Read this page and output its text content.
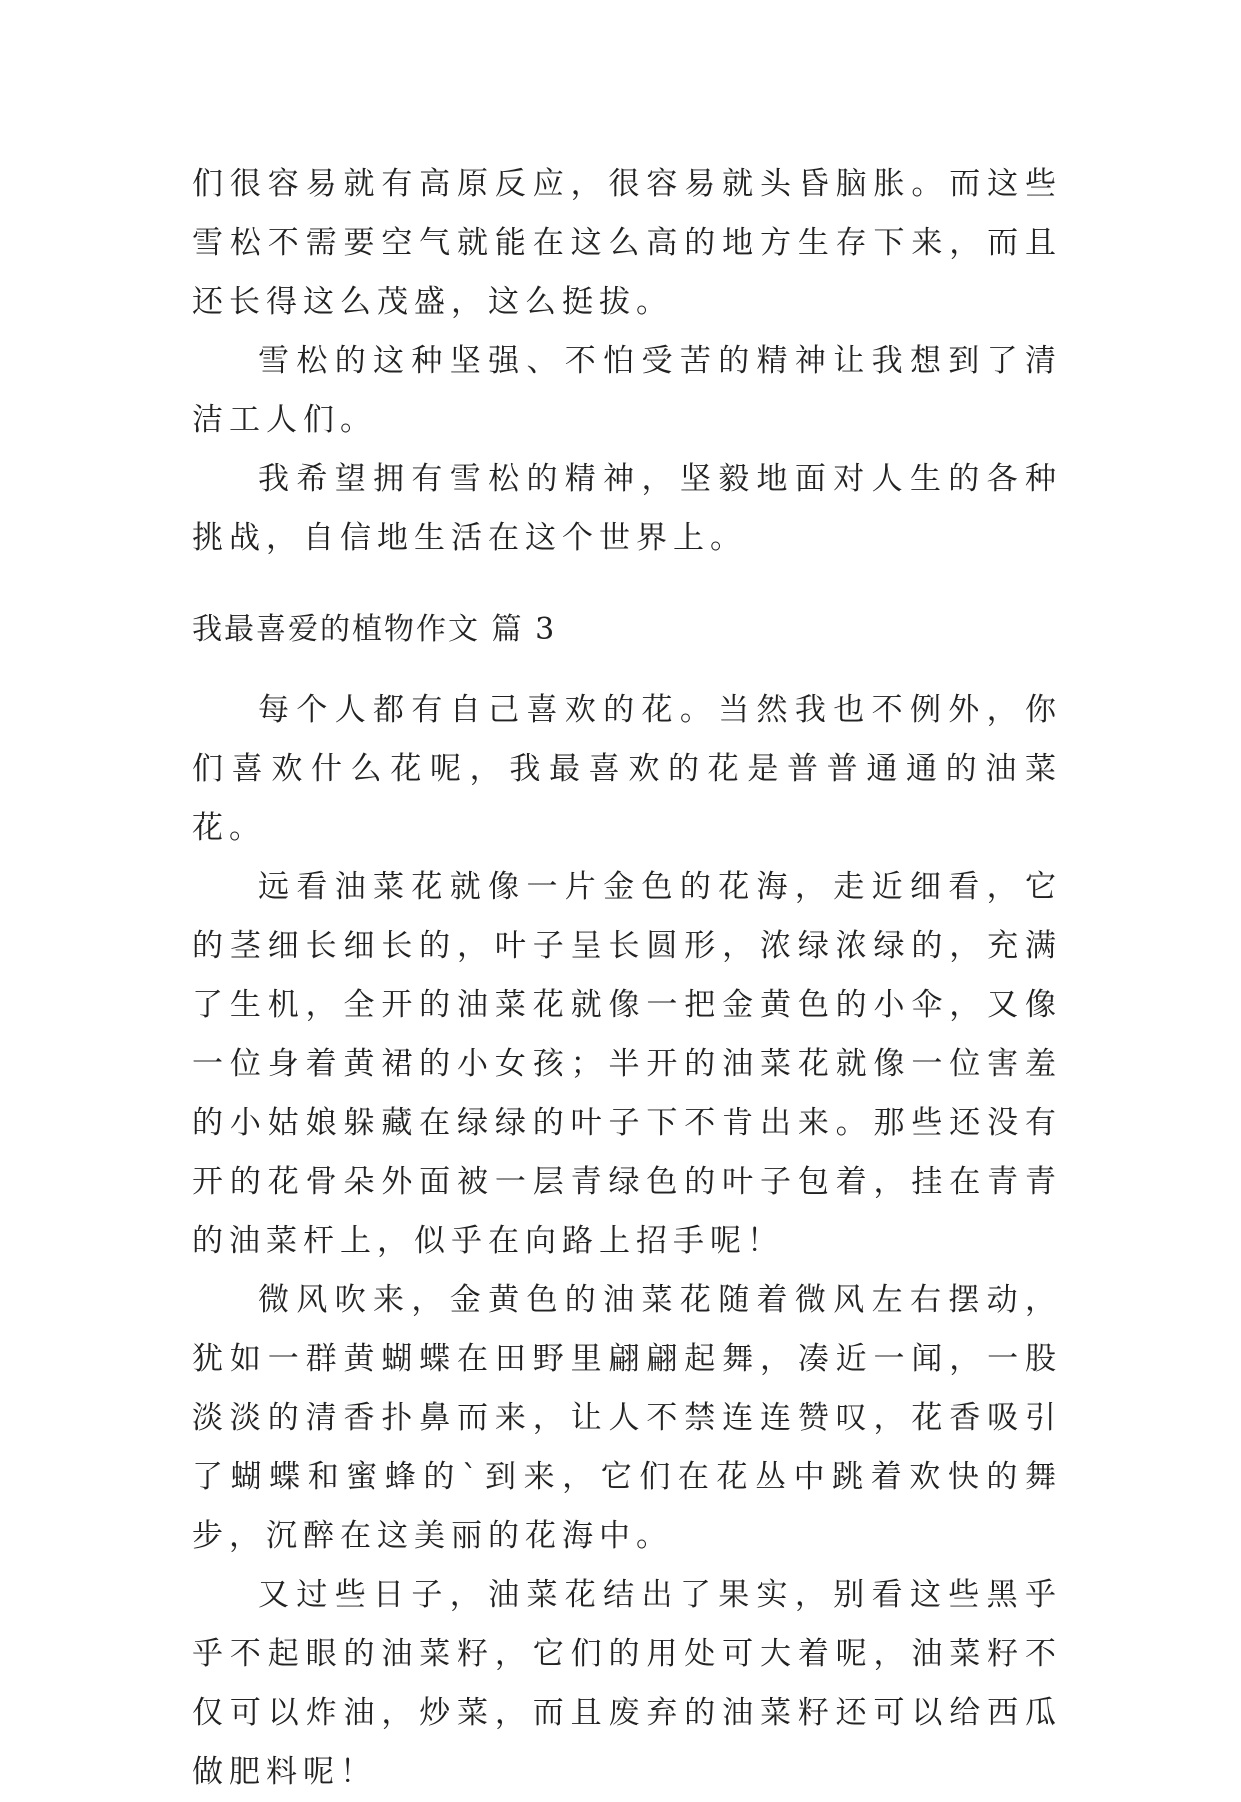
们很容易就有高原反应，很容易就头昏脑胀。而这些雪松不需要空气就能在这么高的地方生存下来，而且还长得这么茂盛，这么挺拔。

雪松的这种坚强、不怕受苦的精神让我想到了清洁工人们。

我希望拥有雪松的精神，坚毅地面对人生的各种挑战，自信地生活在这个世界上。

我最喜爱的植物作文 篇 3

每个人都有自己喜欢的花。当然我也不例外，你们喜欢什么花呢，我最喜欢的花是普普通通的油菜花。

远看油菜花就像一片金色的花海，走近细看，它的茎细长细长的，叶子呈长圆形，浓绿浓绿的，充满了生机，全开的油菜花就像一把金黄色的小伞，又像一位身着黄裙的小女孩；半开的油菜花就像一位害羞的小姑娘躲藏在绿绿的叶子下不肯出来。那些还没有开的花骨朵外面被一层青绿色的叶子包着，挂在青青的油菜杆上，似乎在向路上招手呢！

微风吹来，金黄色的油菜花随着微风左右摆动，犹如一群黄蝴蝶在田野里翩翩起舞，凑近一闻，一股淡淡的清香扑鼻而来，让人不禁连连赞叹，花香吸引了蝴蝶和蜜蜂的`到来，它们在花丛中跳着欢快的舞步，沉醉在这美丽的花海中。

又过些日子，油菜花结出了果实，别看这些黑乎乎不起眼的油菜籽，它们的用处可大着呢，油菜籽不仅可以炸油，炒菜，而且废弃的油菜籽还可以给西瓜做肥料呢！
